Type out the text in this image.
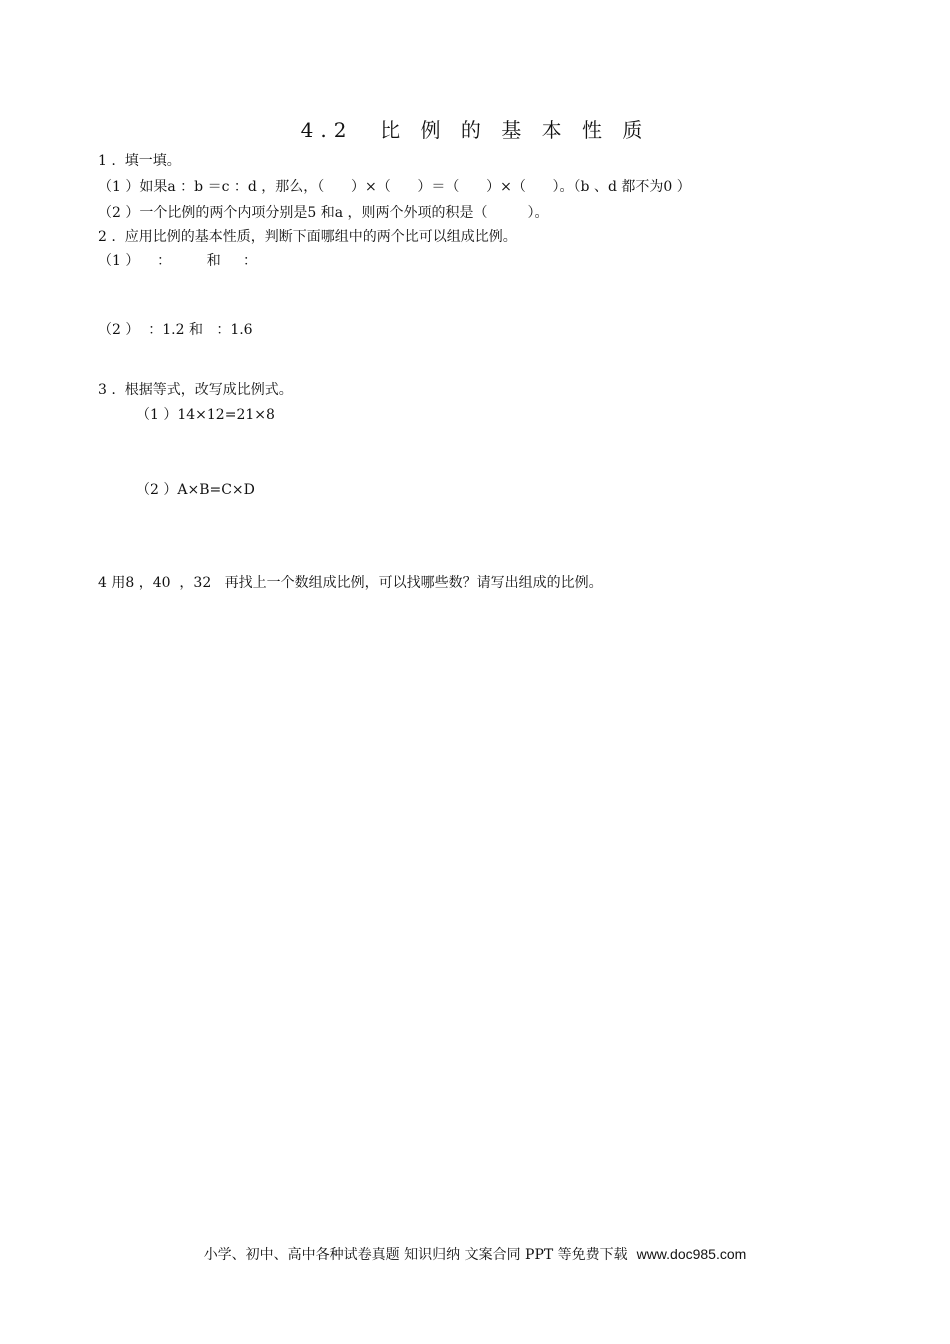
4.2  比 例 的 基 本 性 质
1 .  填一填。
（1 ）如果a ：b ＝c ：d ，那么，（      ）×（      ）＝（      ）×（      ）。（b 、d 都不为0 ）
（2 ）一个比例的两个内项分别是5 和a ，则两个外项的积是（         ）。
2 .  应用比例的基本性质，判断下面哪组中的两个比可以组成比例。
（1 ）    ：        和     ：
（2 ）  ：1.2 和   ：1.6
3 .  根据等式，改写成比例式。
（1 ）14×12=21×8
（2 ）A×B=C×D
4 用8 ，40  ，32   再找上一个数组成比例，可以找哪些数？请写出组成的比例。
小学、初中、高中各种试卷真题 知识归纳 文案合同 PPT 等免费下载  www.doc985.com
